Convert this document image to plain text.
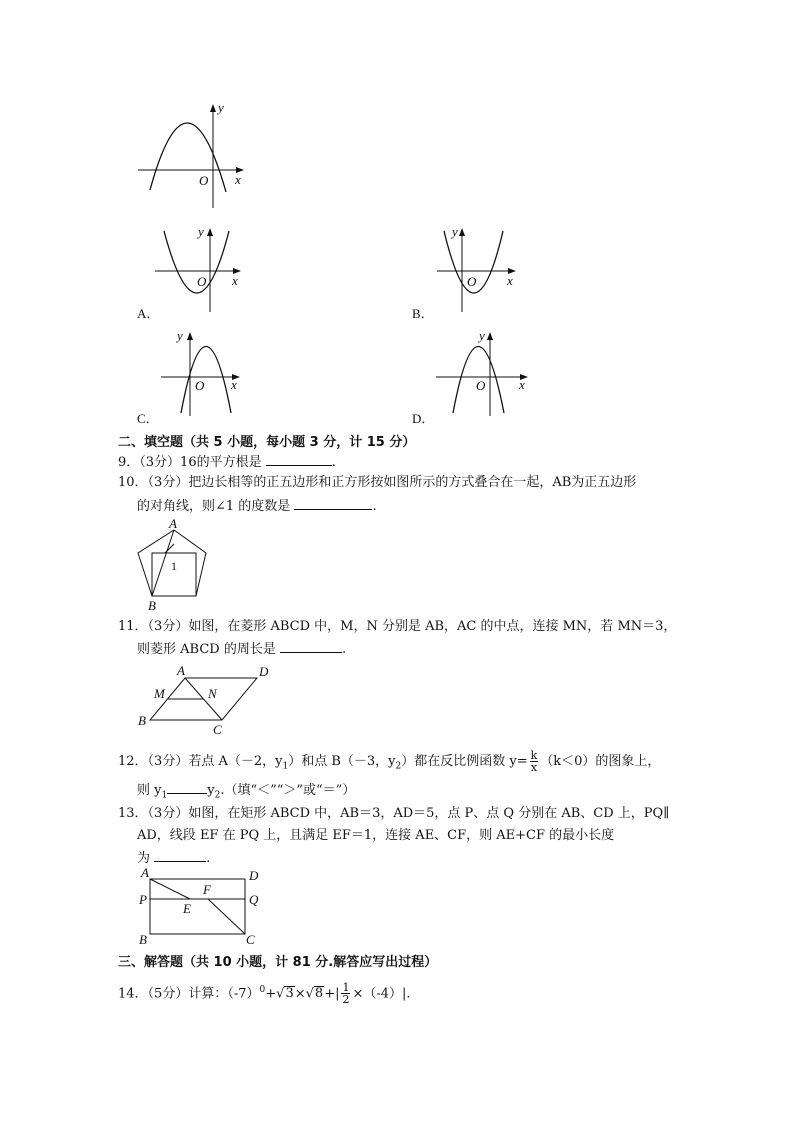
y
x
O
y
x
O
A．
y
x
O
B．
y
x
O
C．
y
x
O
D．
二、填空题（共 5 小题，每小题 3 分，计 15 分）
9．（3分）16的平方根是	.
10．（3分）把边长相等的正五边形和正方形按如图所示的方式叠合在一起，AB为正五边形
的对角线，则∠1 的度数是	.
A
B
1
11．（3分）如图，在菱形 ABCD 中，M，N 分别是 AB，AC 的中点，连接 MN，若 MN＝3，
则菱形 ABCD 的周长是	.
A	D
M	N
B
C
12．（3分）若点 A（－2，$y_1$）和点 B（－3，$y_2$）都在反比例函数 $y= \frac{k}{x} (k<0)$的图象上，
则 $y_1$	$y_2$.（填“＜”“＞”或“＝”）
13．（3分）如图，在矩形 ABCD 中，AB＝3，AD＝5，点 P、点 Q 分别在 AB、CD 上，PQ∥
AD，线段 EF 在 PQ 上，且满足 EF＝1，连接 AE、CF，则 AE+CF 的最小长度
为	.
A	D
P	Q
E
F
B	C
三、解答题（共 10 小题，计 81 分.解答应写出过程）
14．（5分）计算：$(-7)^0+√3\times√8+| \frac{1}{2} \times(-4)|$.
